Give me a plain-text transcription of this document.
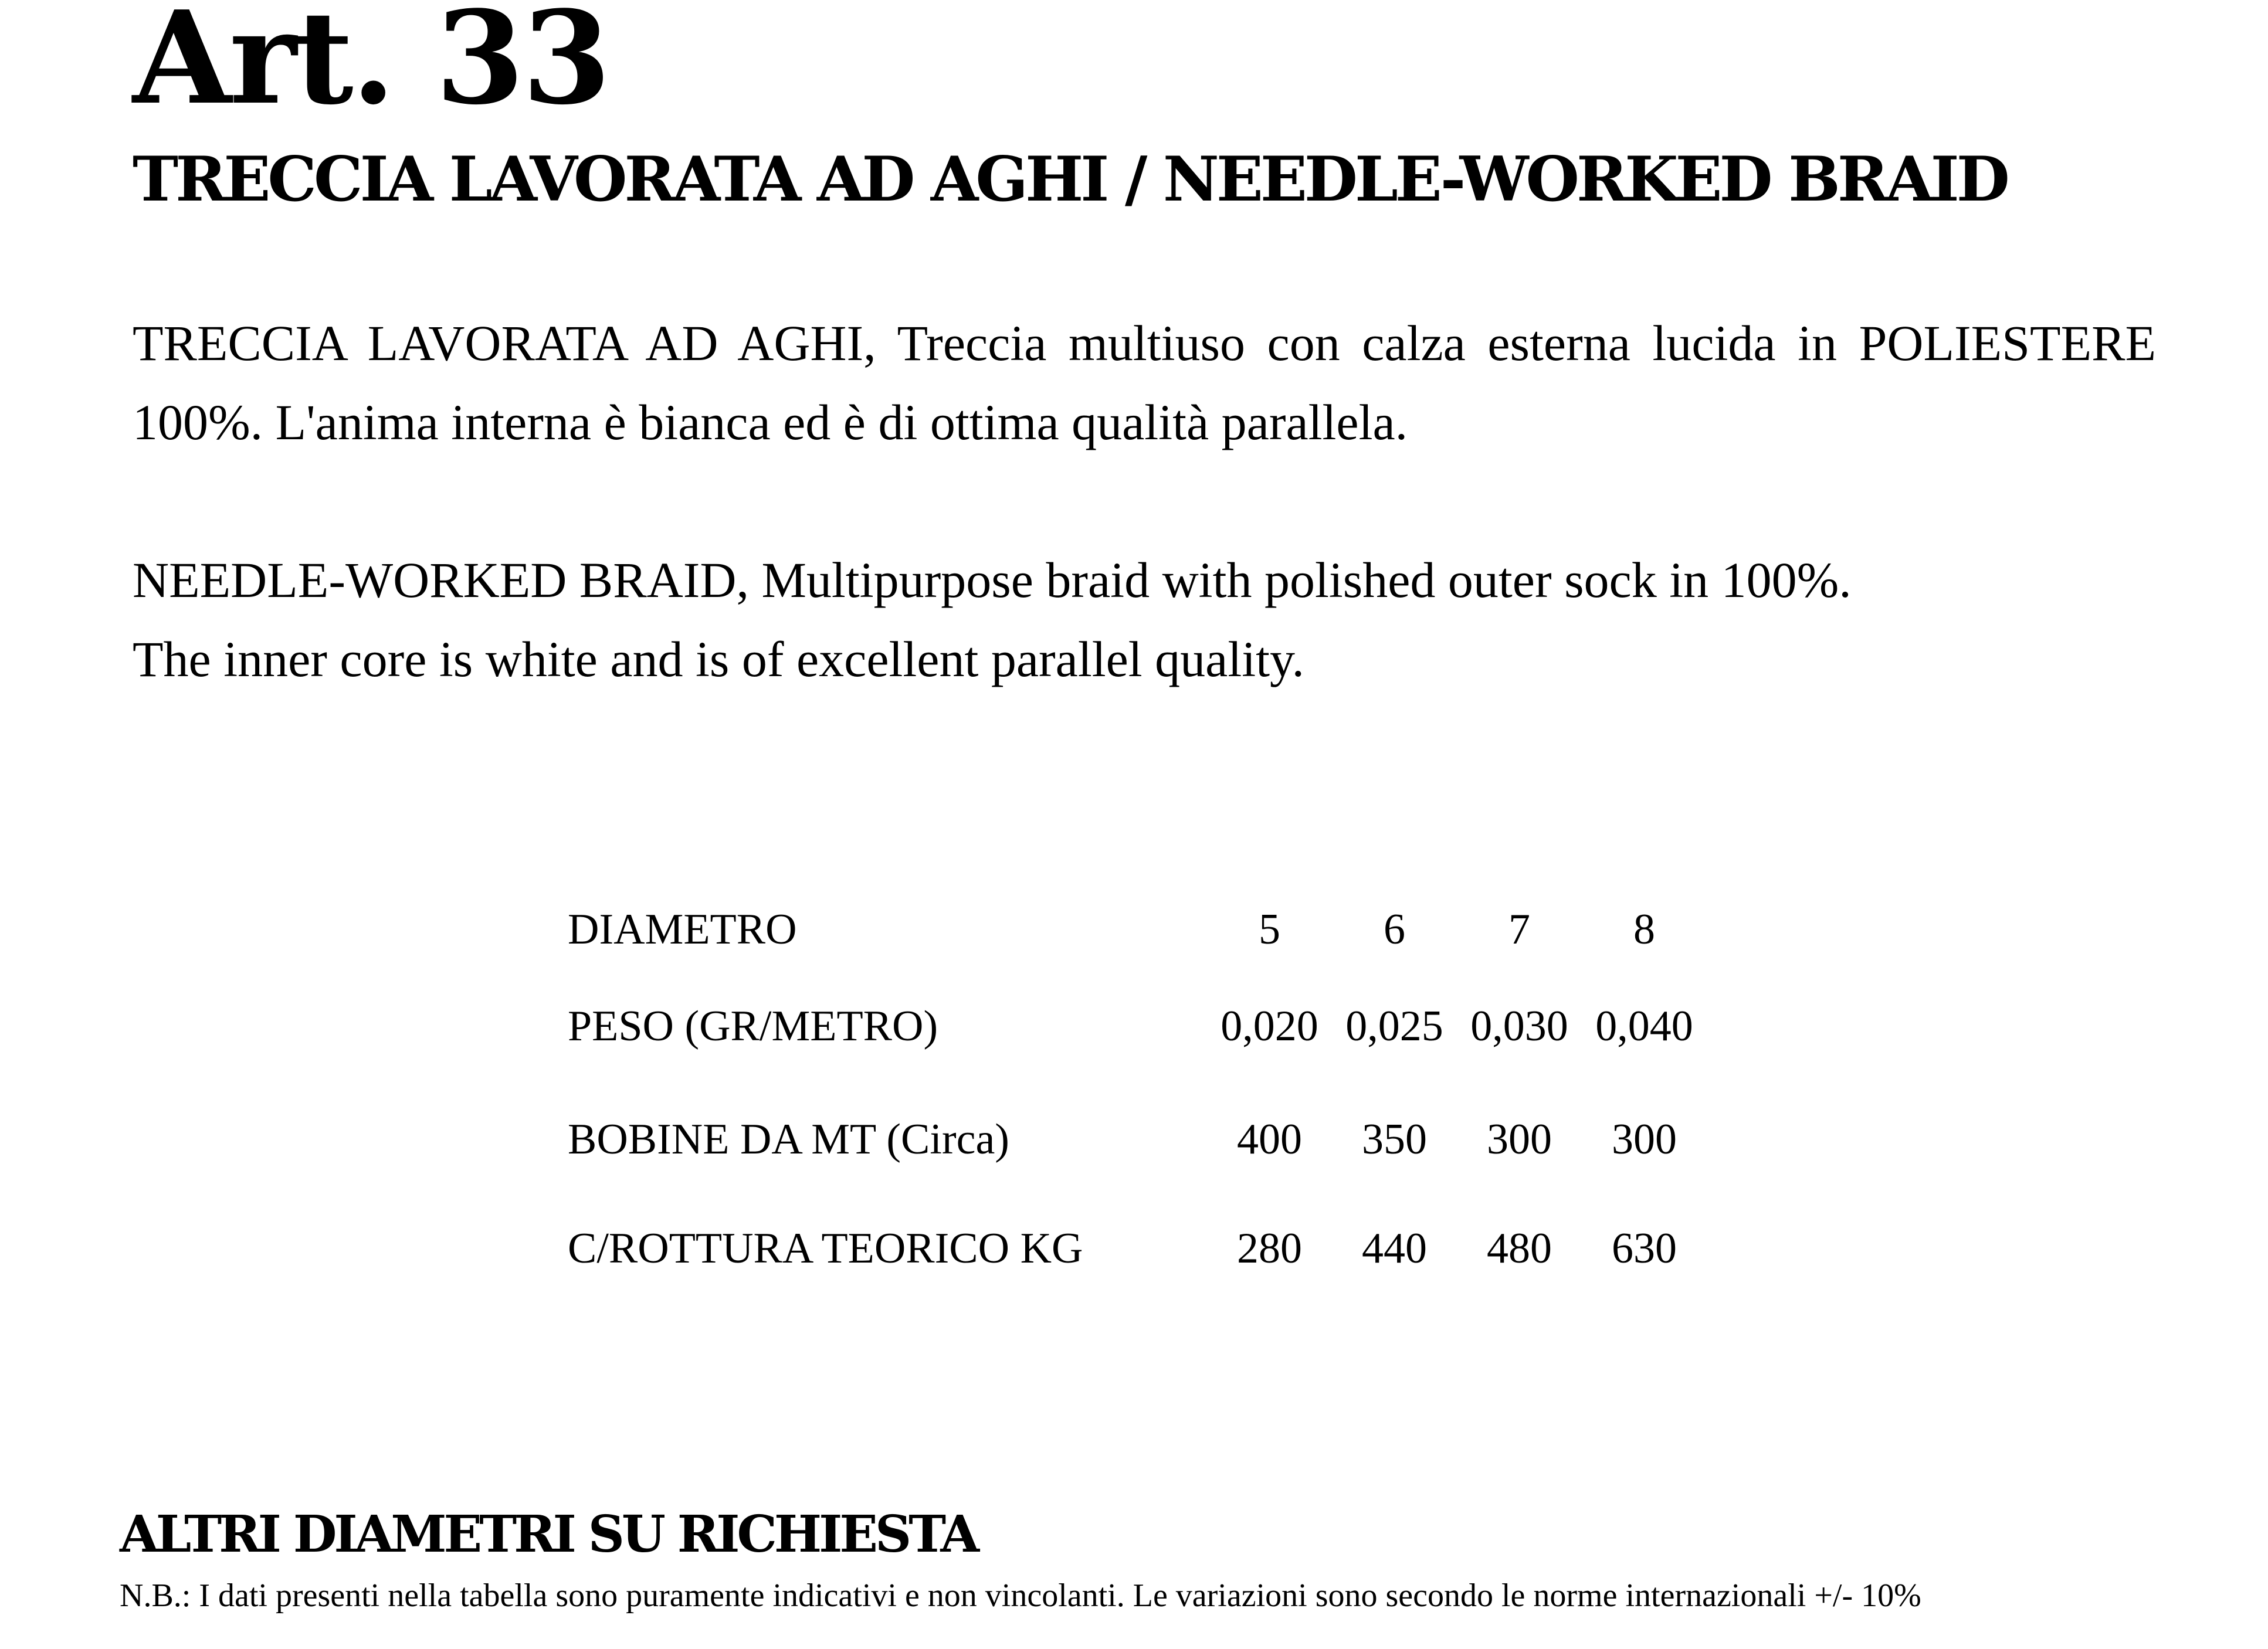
Art. 33
TRECCIA LAVORATA AD AGHI / NEEDLE-WORKED BRAID

TRECCIA LAVORATA AD AGHI, Treccia multiuso con calza esterna lucida in POLIESTERE 100%. L'anima interna è bianca ed è di ottima qualità parallela.

NEEDLE-WORKED BRAID, Multipurpose braid with polished outer sock in 100%.
The inner core is white and is of excellent parallel quality.

DIAMETRO	5	6	7	8
PESO (GR/METRO)	0,020	0,025	0,030	0,040
BOBINE DA MT (Circa)	400	350	300	300
C/ROTTURA TEORICO KG	280	440	480	630
ALTRI DIAMETRI SU RICHIESTA
N.B.: I dati presenti nella tabella sono puramente indicativi e non vincolanti. Le variazioni sono secondo le norme internazionali +/- 10%
